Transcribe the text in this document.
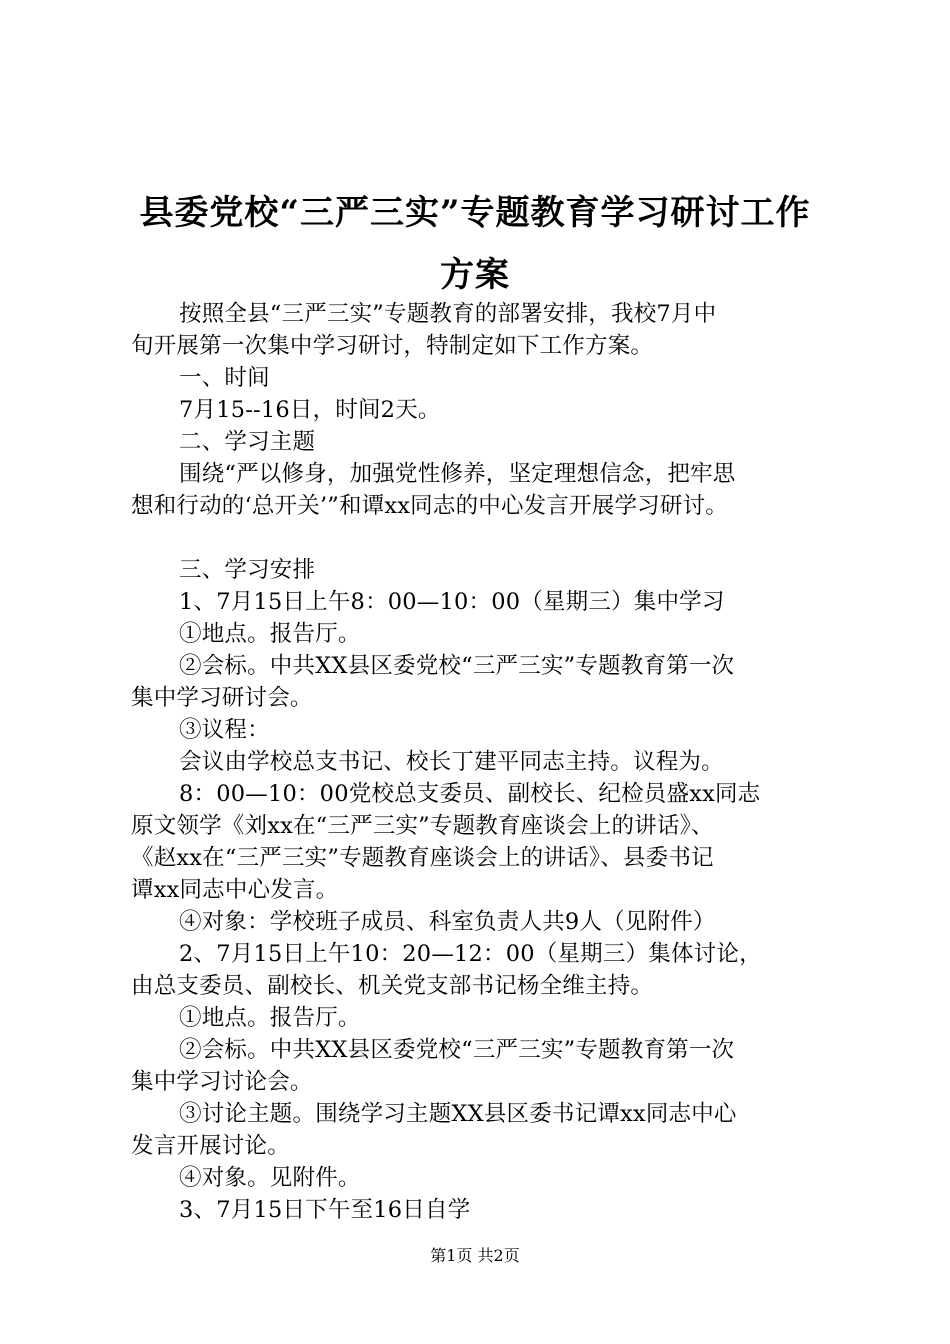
县委党校“三严三实”专题教育学习研讨工作
方案
按照全县“三严三实”专题教育的部署安排，我校7月中
旬开展第一次集中学习研讨，特制定如下工作方案。
一、时间
7月15--16日，时间2天。
二、学习主题
围绕“严以修身，加强党性修养，坚定理想信念，把牢思
想和行动的‘总开关’”和谭xx同志的中心发言开展学习研讨。
三、学习安排
1、7月15日上午8：00—10：00（星期三）集中学习
①地点。报告厅。
②会标。中共XX县区委党校“三严三实”专题教育第一次
集中学习研讨会。
③议程：
会议由学校总支书记、校长丁建平同志主持。议程为。
8：00—10：00党校总支委员、副校长、纪检员盛xx同志
原文领学《刘xx在“三严三实”专题教育座谈会上的讲话》、
《赵xx在“三严三实”专题教育座谈会上的讲话》、县委书记
谭xx同志中心发言。
④对象：学校班子成员、科室负责人共9人（见附件）
2、7月15日上午10：20—12：00（星期三）集体讨论，
由总支委员、副校长、机关党支部书记杨全维主持。
①地点。报告厅。
②会标。中共XX县区委党校“三严三实”专题教育第一次
集中学习讨论会。
③讨论主题。围绕学习主题XX县区委书记谭xx同志中心
发言开展讨论。
④对象。见附件。
3、7月15日下午至16日自学
第1页 共2页
